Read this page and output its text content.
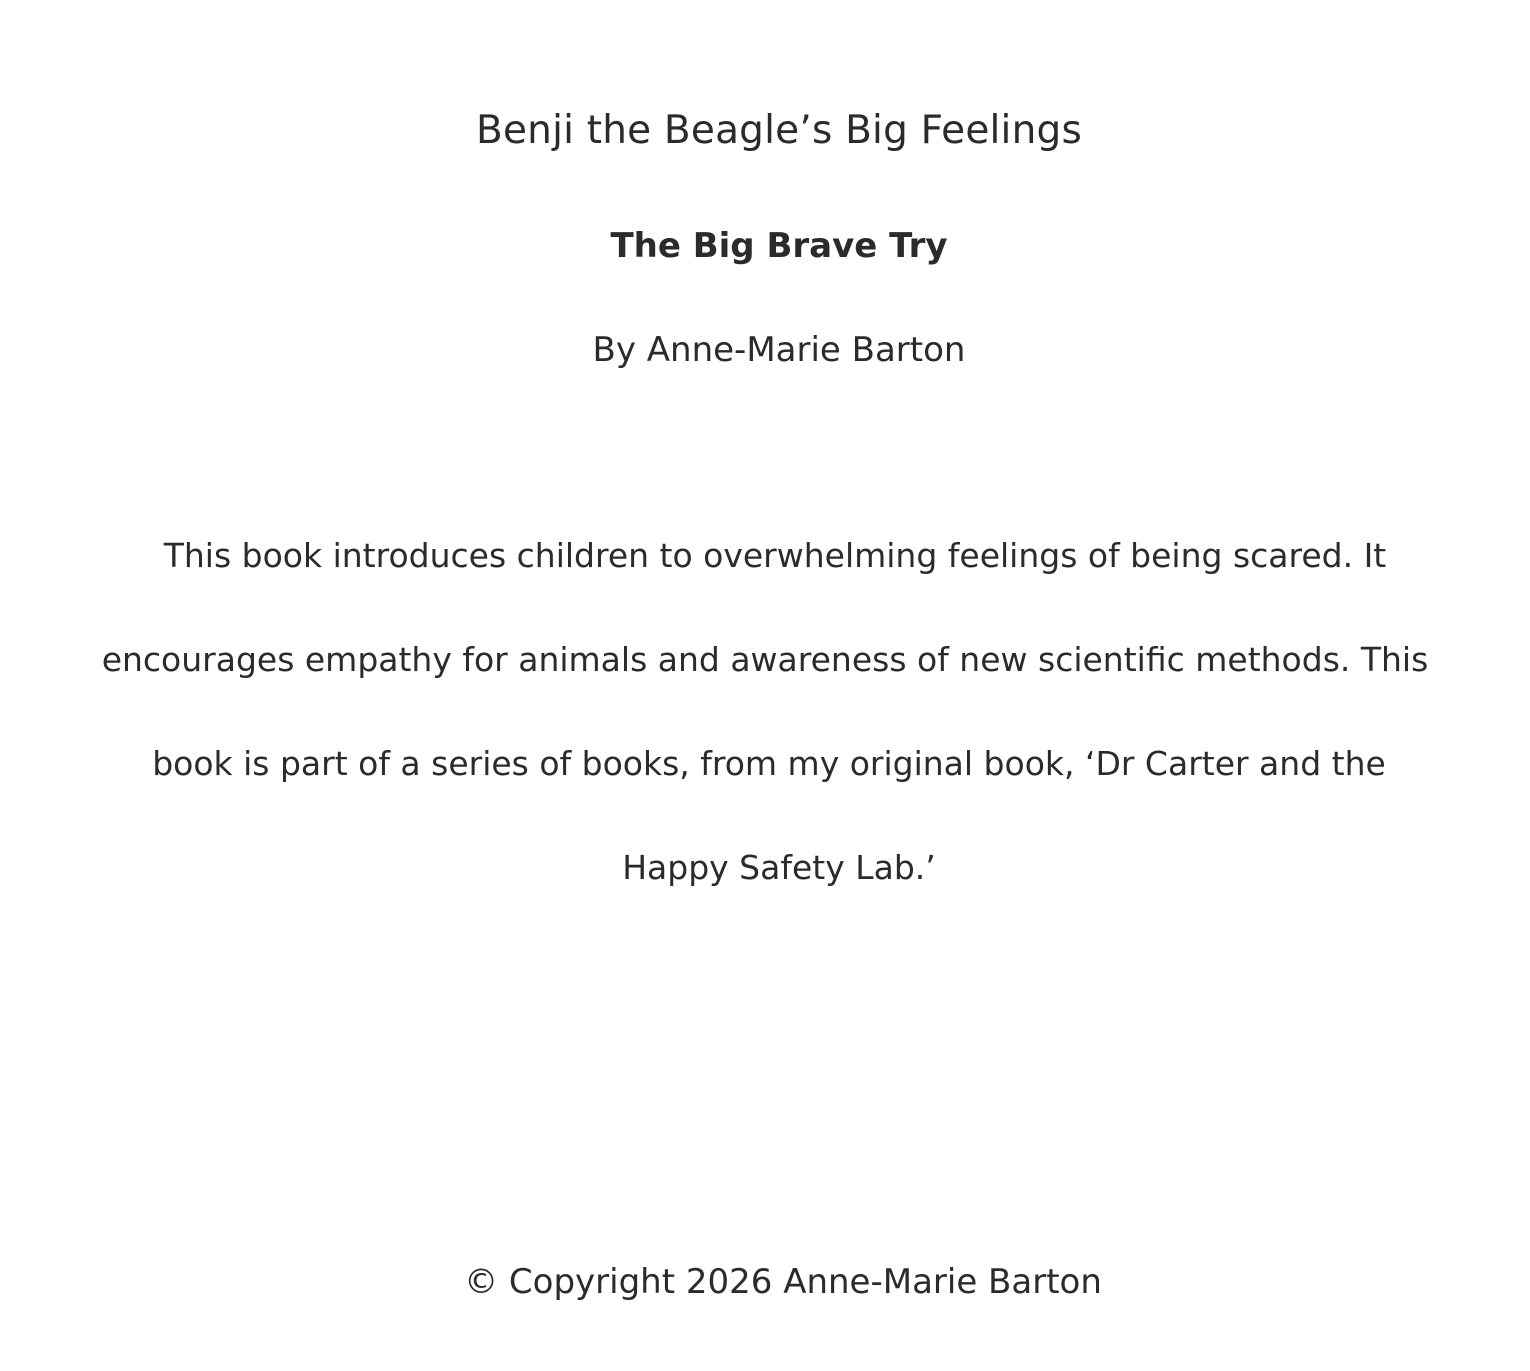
Benji the Beagle’s Big Feelings
The Big Brave Try

By Anne-Marie Barton

This book introduces children to overwhelming feelings of being scared. It

encourages empathy for animals and awareness of new scientific methods. This

book is part of a series of books, from my original book, ‘Dr Carter and the

Happy Safety Lab.’

© Copyright 2026 Anne-Marie Barton
